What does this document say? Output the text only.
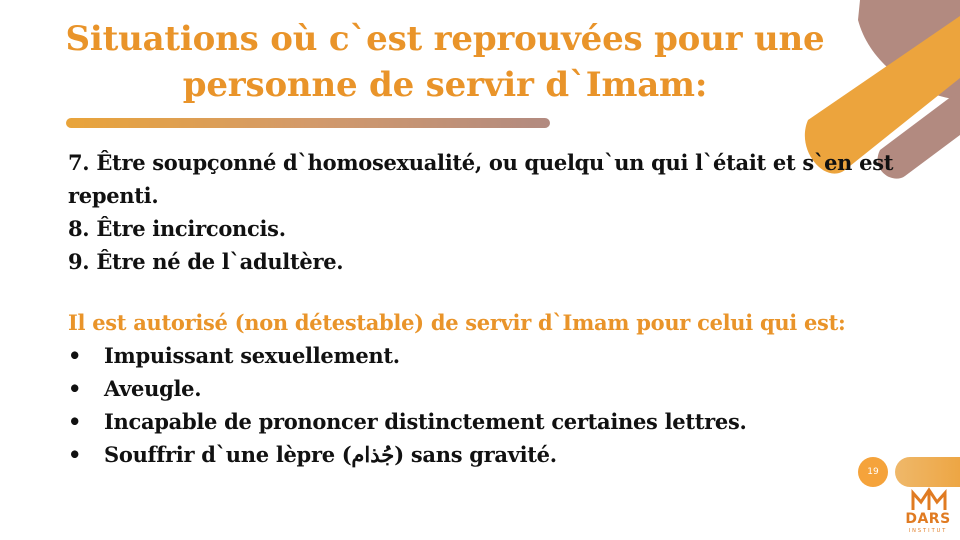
Situations où c`est reprouvées pour une
personne de servir d`Imam:

7. Être soupçonné d`homosexualité, ou quelqu`un qui l`était et s`en est repenti.

8. Être incirconcis.

9. Être né de l`adultère.

Il est autorisé (non détestable) de servir d`Imam pour celui qui est:

• Impuissant sexuellement.

• Aveugle.

• Incapable de prononcer distinctement certaines lettres.

• Souffrir d`une lèpre (جُذام) sans gravité.

19
DARS
INSTITUT
